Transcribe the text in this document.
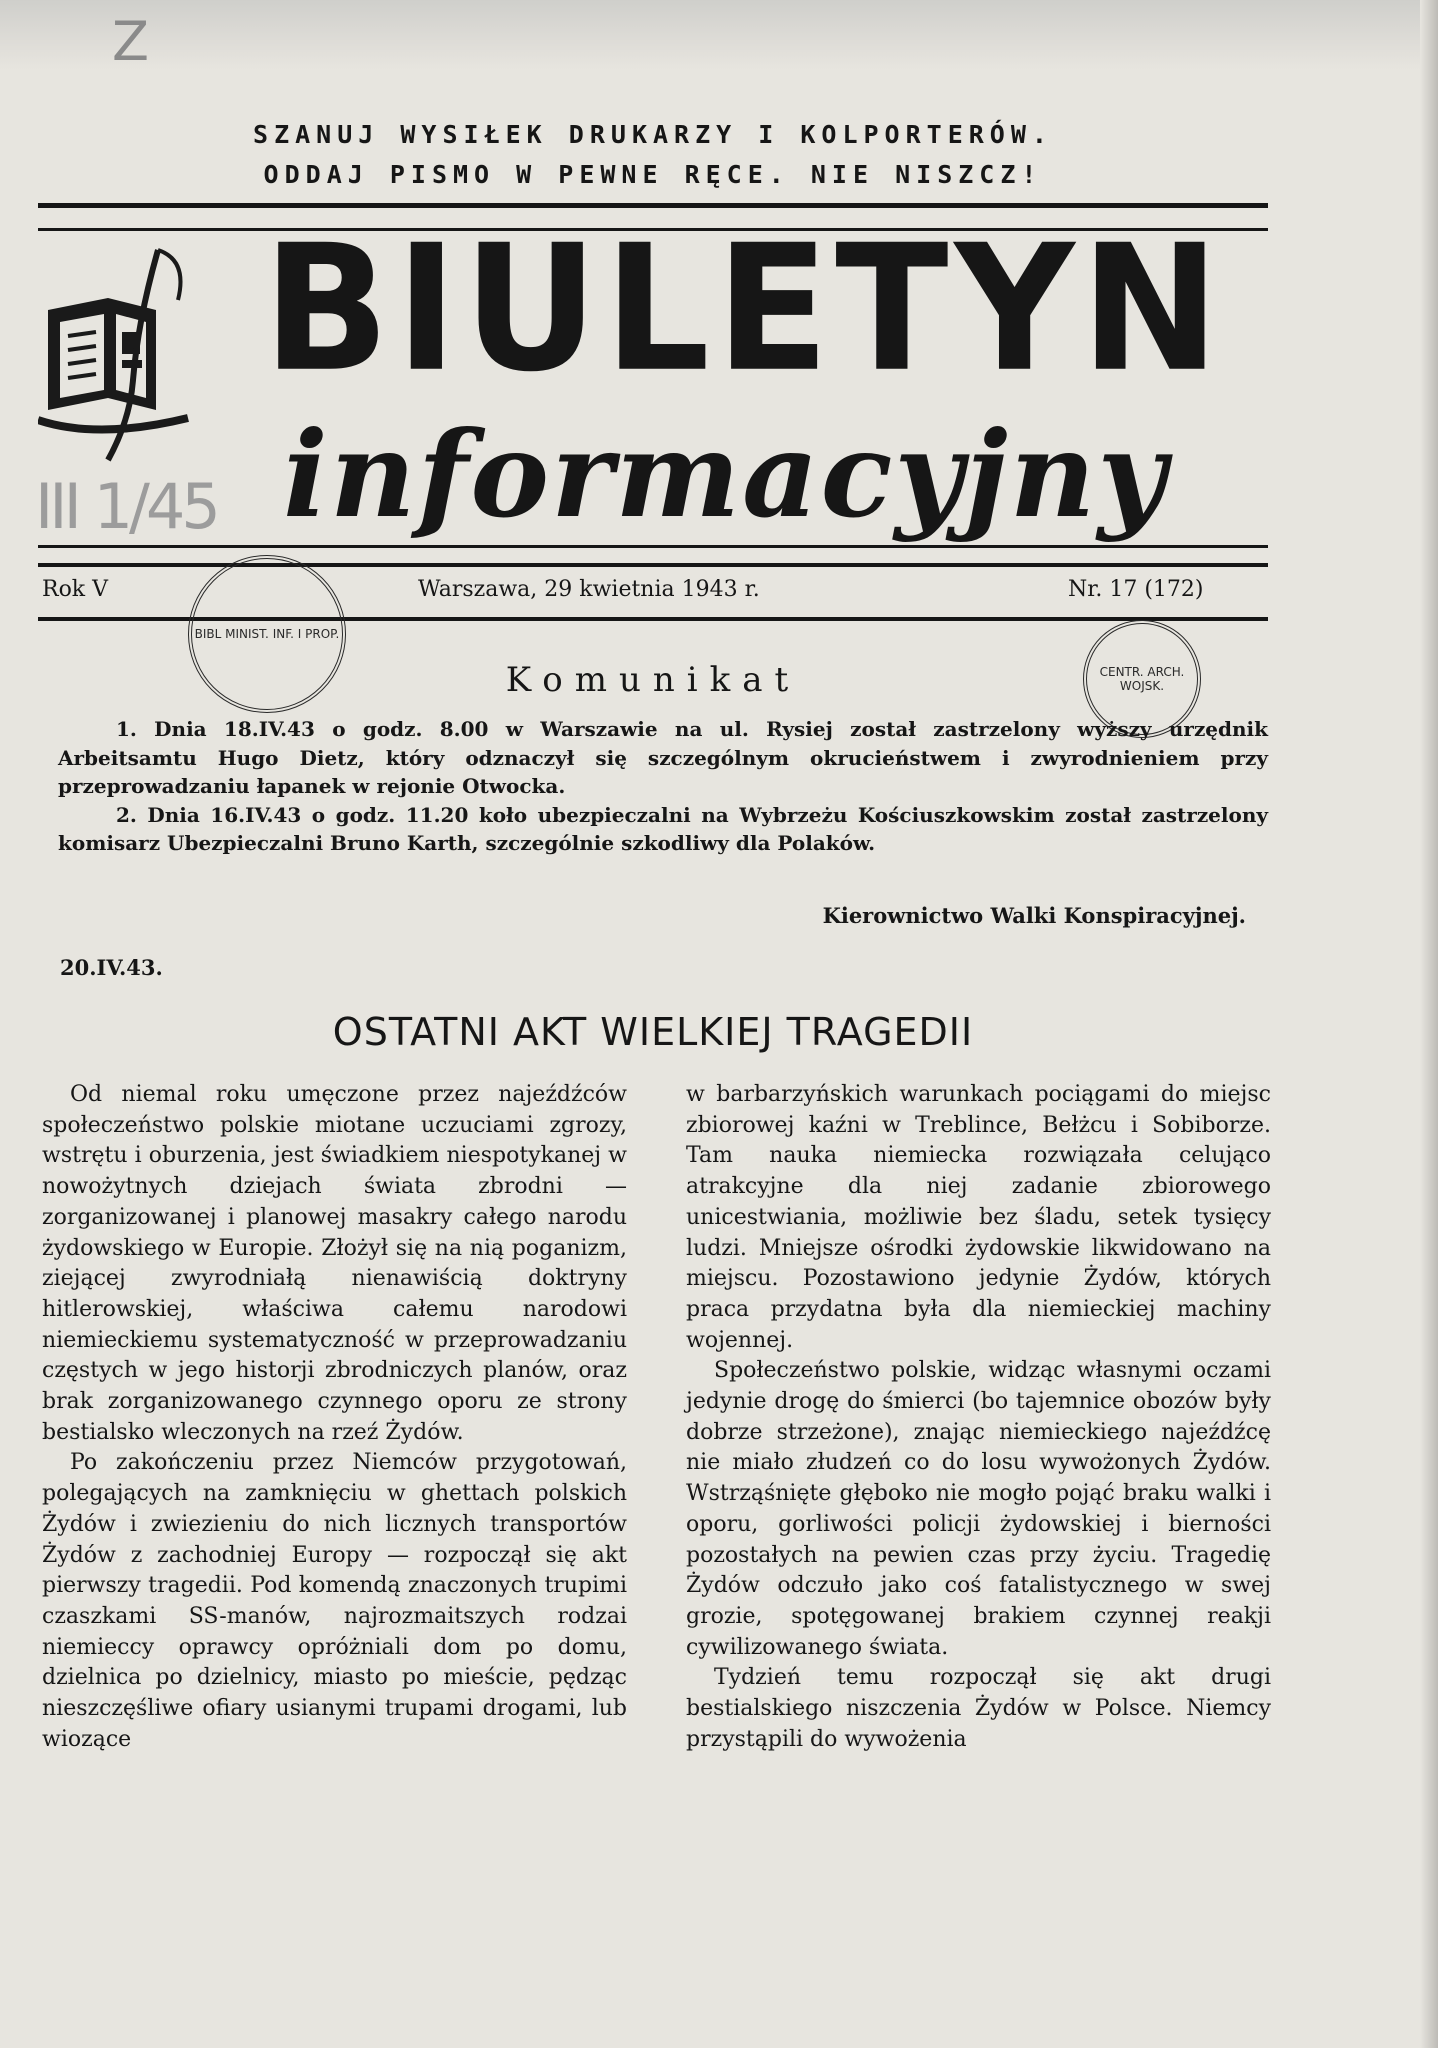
Z
III 1/45
SZANUJ WYSIŁEK DRUKARZY I KOLPORTERÓW.
ODDAJ PISMO W PEWNE RĘCE. NIE NISZCZ!
BIULETYN
informacyjny
Rok V	Warszawa, 29 kwietnia 1943 r.	Nr. 17 (172)
BIBL MINIST. INF. I PROP.
CENTR. ARCH. WOJSK.
Komunikat

1. Dnia 18.IV.43 o godz. 8.00 w Warszawie na ul. Rysiej został zastrzelony wyższy urzędnik Arbeitsamtu Hugo Dietz, który odznaczył się szczególnym okrucieństwem i zwyrodnieniem przy przeprowadzaniu łapanek w rejonie Otwocka.

2. Dnia 16.IV.43 o godz. 11.20 koło ubezpieczalni na Wybrzeżu Kościuszkowskim został zastrzelony komisarz Ubezpieczalni Bruno Karth, szczególnie szkodliwy dla Polaków.

Kierownictwo Walki Konspiracyjnej.
20.IV.43.
OSTATNI AKT WIELKIEJ TRAGEDII

Od niemal roku umęczone przez najeźdźców społeczeństwo polskie miotane uczuciami zgrozy, wstrętu i oburzenia, jest świadkiem niespotykanej w nowożytnych dziejach świata zbrodni — zorganizowanej i planowej masakry całego narodu żydowskiego w Europie. Złożył się na nią poganizm, ziejącej zwyrodniałą nienawiścią doktryny hitlerowskiej, właściwa całemu narodowi niemieckiemu systematyczność w przeprowadzaniu częstych w jego historji zbrodniczych planów, oraz brak zorganizowanego czynnego oporu ze strony bestialsko wleczonych na rzeź Żydów.

Po zakończeniu przez Niemców przygotowań, polegających na zamknięciu w ghettach polskich Żydów i zwiezieniu do nich licznych transportów Żydów z zachodniej Europy — rozpoczął się akt pierwszy tragedii. Pod komendą znaczonych trupimi czaszkami SS-manów, najrozmaitszych rodzai niemieccy oprawcy opróżniali dom po domu, dzielnica po dzielnicy, miasto po mieście, pędząc nieszczęśliwe ofiary usianymi trupami drogami, lub wiozące

w barbarzyńskich warunkach pociągami do miejsc zbiorowej kaźni w Treblince, Bełżcu i Sobiborze. Tam nauka niemiecka rozwiązała celująco atrakcyjne dla niej zadanie zbiorowego unicestwiania, możliwie bez śladu, setek tysięcy ludzi. Mniejsze ośrodki żydowskie likwidowano na miejscu. Pozostawiono jedynie Żydów, których praca przydatna była dla niemieckiej machiny wojennej.

Społeczeństwo polskie, widząc własnymi oczami jedynie drogę do śmierci (bo tajemnice obozów były dobrze strzeżone), znając niemieckiego najeźdźcę nie miało złudzeń co do losu wywożonych Żydów. Wstrząśnięte głęboko nie mogło pojąć braku walki i oporu, gorliwości policji żydowskiej i bierności pozostałych na pewien czas przy życiu. Tragedię Żydów odczuło jako coś fatalistycznego w swej grozie, spotęgowanej brakiem czynnej reakji cywilizowanego świata.

Tydzień temu rozpoczął się akt drugi bestialskiego niszczenia Żydów w Polsce. Niemcy przystąpili do wywożenia
